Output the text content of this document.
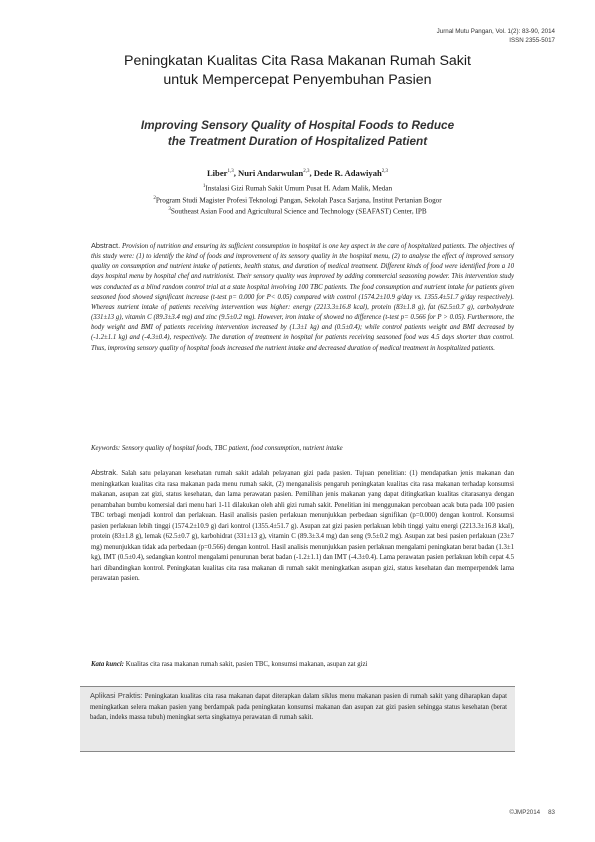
Jurnal Mutu Pangan, Vol. 1(2): 83-90, 2014
ISSN 2355-5017
Peningkatan Kualitas Cita Rasa Makanan Rumah Sakit
untuk Mempercepat Penyembuhan Pasien
Improving Sensory Quality of Hospital Foods to Reduce
the Treatment Duration of Hospitalized Patient
Liber$^{1,3}$, Nuri Andarwulan$^{2,3}$, Dede R. Adawiyah$^{2,3}$
$^1$Instalasi Gizi Rumah Sakit Umum Pusat H. Adam Malik, Medan
$^2$Program Studi Magister Profesi Teknologi Pangan, Sekolah Pasca Sarjana, Institut Pertanian Bogor
$^3$Southeast Asian Food and Agricultural Science and Technology (SEAFAST) Center, IPB
Abstract. Provision of nutrition and ensuring its sufficient consumption in hospital is one key aspect in the care of hospitalized patients. The objectives of this study were: (1) to identify the kind of foods and improvement of its sensory quality in the hospital menu, (2) to analyse the effect of improved sensory quality on consumption and nutrient intake of patients, health status, and duration of medical treatment. Different kinds of food were identified from a 10 days hospital menu by hospital chef and nutritionist. Their sensory quality was improved by adding commercial seasoning powder. This intervention study was conducted as a blind random control trial at a state hospital involving 100 TBC patients. The food consumption and nutrient intake for patients given seasoned food showed significant increase (t-test p= 0.000 for P< 0.05) compared with control (1574.2±10.9 g/day vs. 1355.4±51.7 g/day respectively). Whereas nutrient intake of patients receiving intervention was higher: energy (2213.3±16.8 kcal), protein (83±1.8 g), fat (62.5±0.7 g), carbohydrate (331±13 g), vitamin C (89.3±3.4 mg) and zinc (9.5±0.2 mg). However, iron intake of showed no difference (t-test p= 0.566 for P > 0.05). Furthermore, the body weight and BMI of patients receiving intervention increased by (1.3±1 kg) and (0.5±0.4); while control patients weight and BMI decreased by (-1.2±1.1 kg) and (-4.3±0.4), respectively. The duration of treatment in hospital for patients receiving seasoned food was 4.5 days shorter than control. Thus, improving sensory quality of hospital foods increased the nutrient intake and decreased duration of medical treatment in hospitalized patients.
Keywords: Sensory quality of hospital foods, TBC patient, food consumption, nutrient intake
Abstrak. Salah satu pelayanan kesehatan rumah sakit adalah pelayanan gizi pada pasien. Tujuan penelitian: (1) mendapatkan jenis makanan dan meningkatkan kualitas cita rasa makanan pada menu rumah sakit, (2) menganalisis pengaruh peningkatan kualitas cita rasa makanan terhadap konsumsi makanan, asupan zat gizi, status kesehatan, dan lama perawatan pasien. Pemilihan jenis makanan yang dapat ditingkatkan kualitas citarasanya dengan penambahan bumbu komersial dari menu hari 1-11 dilakukan oleh ahli gizi rumah sakit. Penelitian ini menggunakan percobaan acak buta pada 100 pasien TBC terbagi menjadi kontrol dan perlakuan. Hasil analisis pasien perlakuan menunjukkan perbedaan signifikan (p=0.000) dengan kontrol. Konsumsi pasien perlakuan lebih tinggi (1574.2±10.9 g) dari kontrol (1355.4±51.7 g). Asupan zat gizi pasien perlakuan lebih tinggi yaitu energi (2213.3±16.8 kkal), protein (83±1.8 g), lemak (62.5±0.7 g), karbohidrat (331±13 g), vitamin C (89.3±3.4 mg) dan seng (9.5±0.2 mg). Asupan zat besi pasien perlakuan (23±7 mg) menunjukkan tidak ada perbedaan (p=0.566) dengan kontrol. Hasil analisis menunjukkan pasien perlakuan mengalami peningkatan berat badan (1.3±1 kg), IMT (0.5±0.4), sedangkan kontrol mengalami penurunan berat badan (-1.2±1.1) dan IMT (-4.3±0.4). Lama perawatan pasien perlakuan lebih cepat 4.5 hari dibandingkan kontrol. Peningkatan kualitas cita rasa makanan di rumah sakit meningkatkan asupan gizi, status kesehatan dan memperpendek lama perawatan pasien.
Kata kunci: Kualitas cita rasa makanan rumah sakit, pasien TBC, konsumsi makanan, asupan zat gizi
Aplikasi Praktis: Peningkatan kualitas cita rasa makanan dapat diterapkan dalam siklus menu makanan pasien di rumah sakit yang diharapkan dapat meningkatkan selera makan pasien yang berdampak pada peningkatan konsumsi makanan dan asupan zat gizi pasien sehingga status kesehatan (berat badan, indeks massa tubuh) meningkat serta singkatnya perawatan di rumah sakit.
©JMP2014 83
